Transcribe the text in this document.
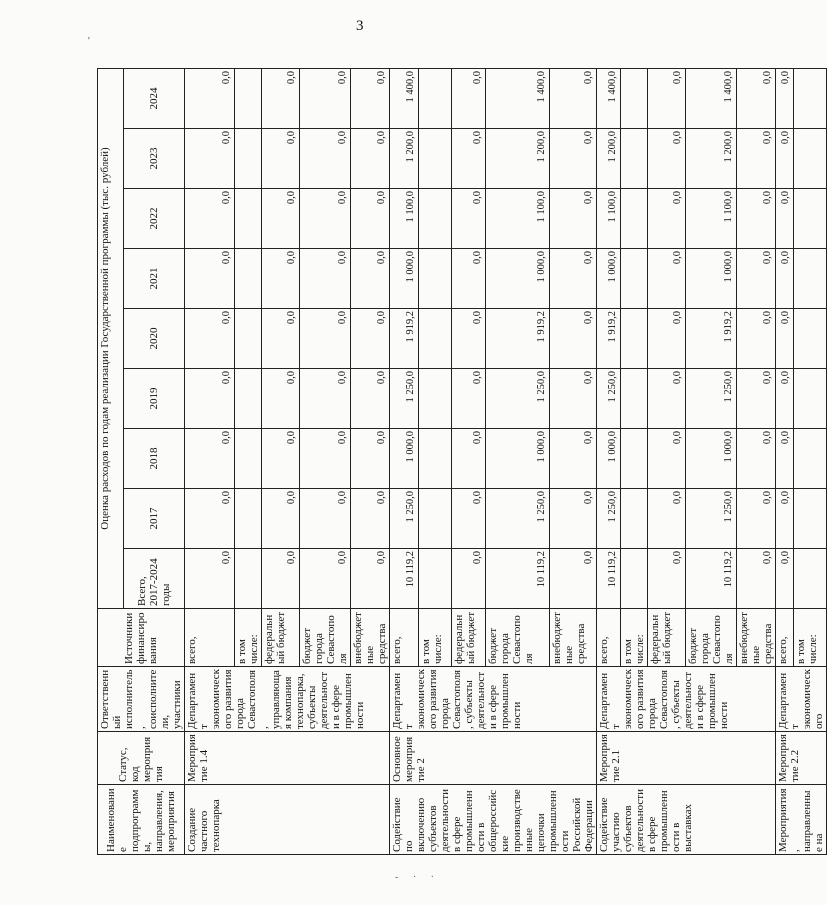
3
'
- · ·
Наименование подпрограммы, направления, мероприятия	Статус, код мероприятия	Ответственный исполнитель, соисполнители, участники	Источники финансирования	Оценка расходов по годам реализации Государственной программы (тыс. рублей)								
				Всего, 2017-2024 годы	2017	2018	2019	2020	2021	2022	2023	2024
Создание частного технопарка	Мероприятие 1.4	Департамент экономического развития города Севастополя, управляющая компания технопарка, субъекты деятельности в сфере промышленности	всего,	0,0	0,0	0,0	0,0	0,0	0,0	0,0	0,0	0,0
			в том числе:									
			федеральный бюджет	0,0	0,0	0,0	0,0	0,0	0,0	0,0	0,0	0,0
			бюджет города Севастополя	0,0	0,0	0,0	0,0	0,0	0,0	0,0	0,0	0,0
			внебюджетные средства	0,0	0,0	0,0	0,0	0,0	0,0	0,0	0,0	0,0
Содействие по включению субъектов деятельности в сфере промышленности в общероссийские производственные цепочки промышленности Российской Федерации	Основное мероприятие 2	Департамент экономического развития города Севастополя, субъекты деятельности в сфере промышленности	всего,	10 119,2	1 250,0	1 000,0	1 250,0	1 919,2	1 000,0	1 100,0	1 200,0	1 400,0
			в том числе:									
			федеральный бюджет	0,0	0,0	0,0	0,0	0,0	0,0	0,0	0,0	0,0
			бюджет города Севастополя	10 119,2	1 250,0	1 000,0	1 250,0	1 919,2	1 000,0	1 100,0	1 200,0	1 400,0
			внебюджетные средства	0,0	0,0	0,0	0,0	0,0	0,0	0,0	0,0	0,0
Содействие участию субъектов деятельности в сфере промышленности в выставках	Мероприятие 2.1	Департамент экономического развития города Севастополя, субъекты деятельности в сфере промышленности	всего,	10 119,2	1 250,0	1 000,0	1 250,0	1 919,2	1 000,0	1 100,0	1 200,0	1 400,0
			в том числе:									
			федеральный бюджет	0,0	0,0	0,0	0,0	0,0	0,0	0,0	0,0	0,0
			бюджет города Севастополя	10 119,2	1 250,0	1 000,0	1 250,0	1 919,2	1 000,0	1 100,0	1 200,0	1 400,0
			внебюджетные средства	0,0	0,0	0,0	0,0	0,0	0,0	0,0	0,0	0,0
Мероприятия, направленные на	Мероприятие 2.2	Департамент экономического	всего,	0,0	0,0	0,0	0,0	0,0	0,0	0,0	0,0	0,0
			в том числе:									
